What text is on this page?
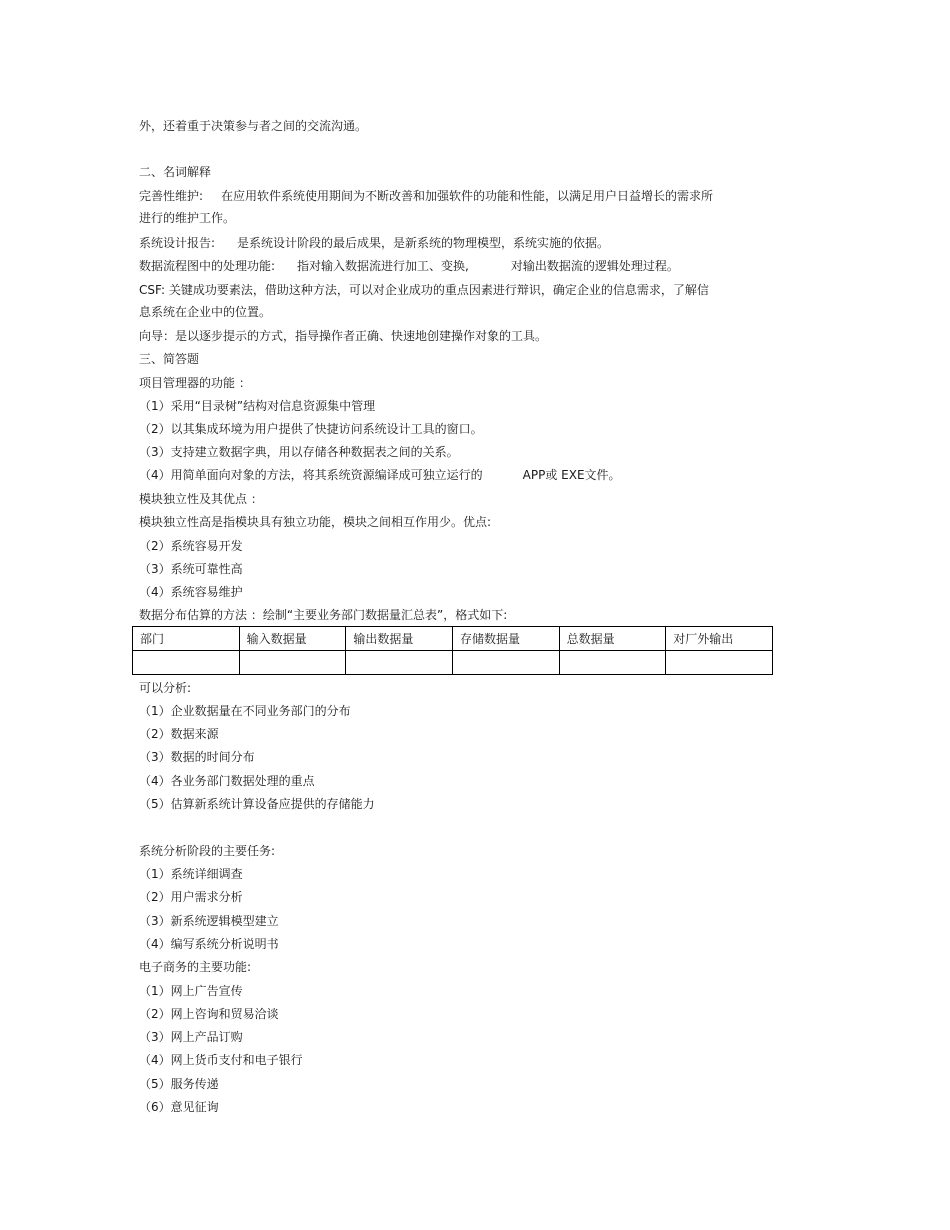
外，还着重于决策参与者之间的交流沟通。
二、名词解释
完善性维护: 在应用软件系统使用期间为不断改善和加强软件的功能和性能，以满足用户日益增长的需求所
进行的维护工作。
系统设计报告: 是系统设计阶段的最后成果，是新系统的物理模型，系统实施的依据。
数据流程图中的处理功能: 指对输入数据流进行加工、变换,	对输出数据流的逻辑处理过程。
CSF: 关键成功要素法，借助这种方法，可以对企业成功的重点因素进行辩识，确定企业的信息需求，了解信
息系统在企业中的位置。
向导：是以逐步提示的方式，指导操作者正确、快速地创建操作对象的工具。
三、简答题
项目管理器的功能 ：
（1）采用“目录树”结构对信息资源集中管理
（2）以其集成环境为用户提供了快捷访问系统设计工具的窗口。
（3）支持建立数据字典，用以存储各种数据表之间的关系。
（4）用简单面向对象的方法，将其系统资源编译成可独立运行的	APP或 EXE文件。
模块独立性及其优点 ：
模块独立性高是指模块具有独立功能，模块之间相互作用少。优点:
（2）系统容易开发
（3）系统可靠性高
（4）系统容易维护
数据分布估算的方法 ：绘制“主要业务部门数据量汇总表”，格式如下:
部门	输入数据量	输出数据量	存储数据量	总数据量	对厂外输出

可以分析:
（1）企业数据量在不同业务部门的分布
（2）数据来源
（3）数据的时间分布
（4）各业务部门数据处理的重点
（5）估算新系统计算设备应提供的存储能力
系统分析阶段的主要任务:
（1）系统详细调查
（2）用户需求分析
（3）新系统逻辑模型建立
（4）编写系统分析说明书
电子商务的主要功能:
（1）网上广告宣传
（2）网上咨询和贸易洽谈
（3）网上产品订购
（4）网上货币支付和电子银行
（5）服务传递
（6）意见征询
